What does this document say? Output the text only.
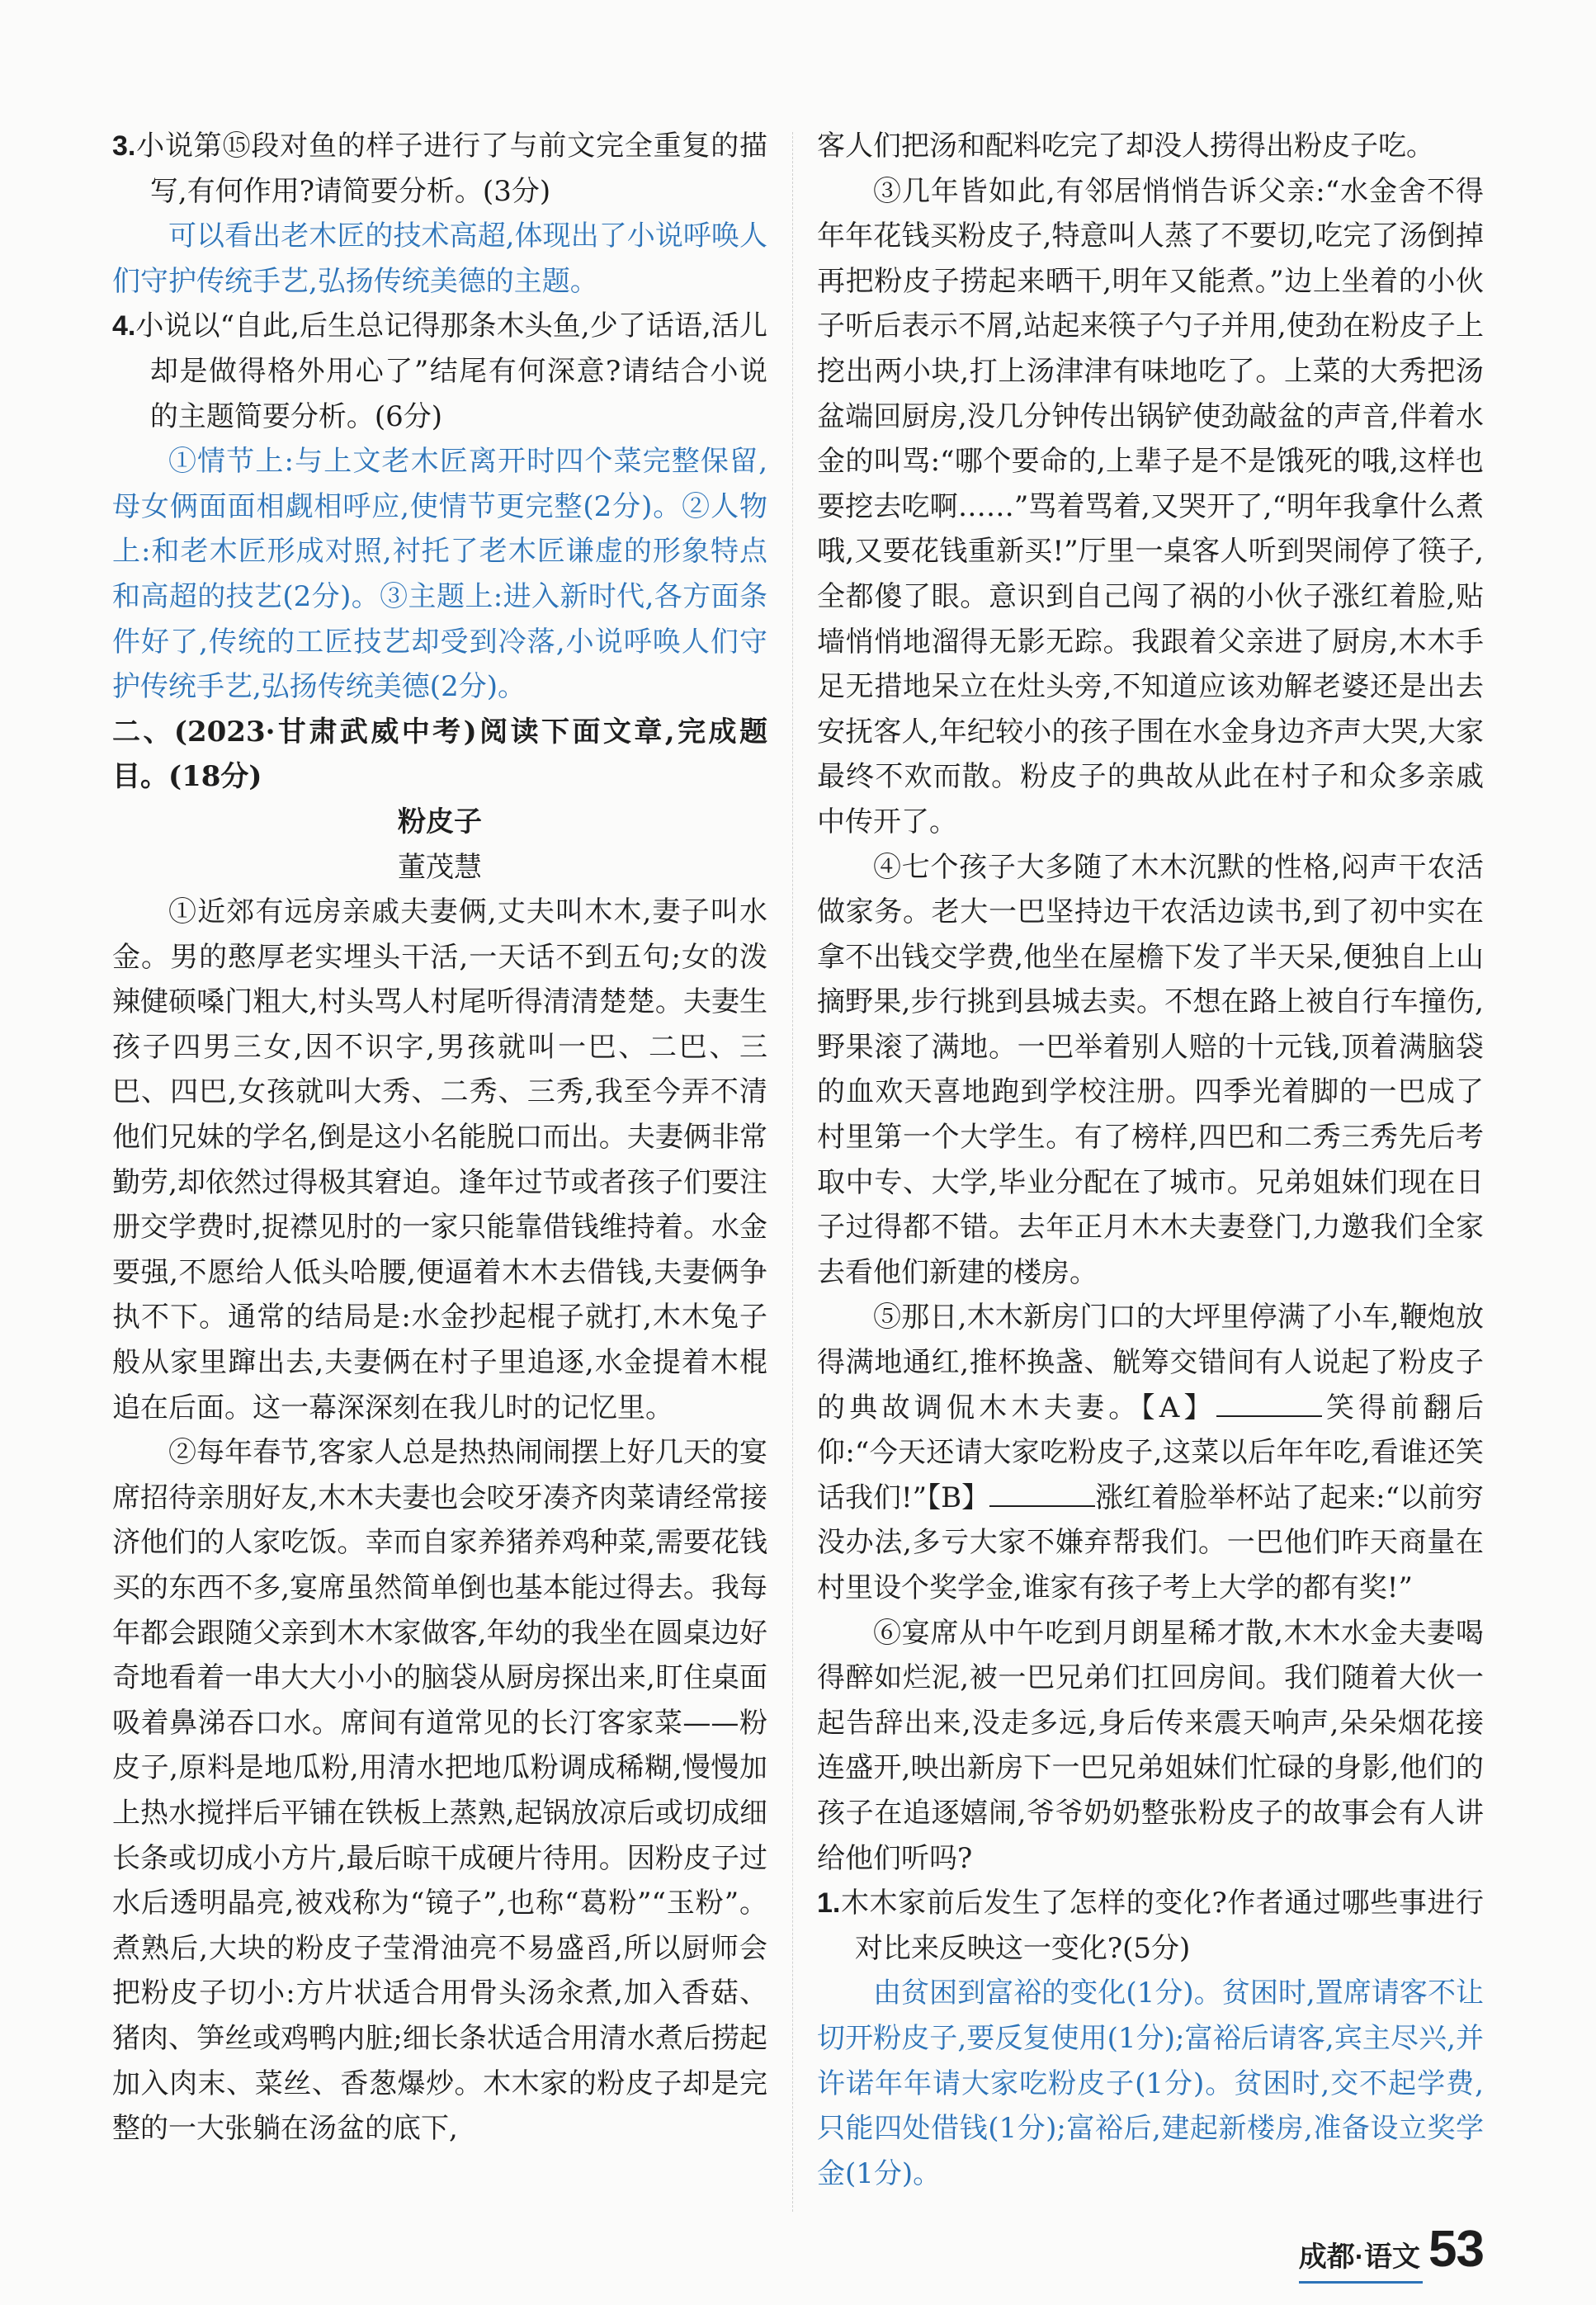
3.小说第⑮段对鱼的样子进行了与前文完全重复的描写,有何作用?请简要分析。(3分)

可以看出老木匠的技术高超,体现出了小说呼唤人们守护传统手艺,弘扬传统美德的主题。

4.小说以“自此,后生总记得那条木头鱼,少了话语,活儿却是做得格外用心了”结尾有何深意?请结合小说的主题简要分析。(6分)

①情节上:与上文老木匠离开时四个菜完整保留,母女俩面面相觑相呼应,使情节更完整(2分)。②人物上:和老木匠形成对照,衬托了老木匠谦虚的形象特点和高超的技艺(2分)。③主题上:进入新时代,各方面条件好了,传统的工匠技艺却受到冷落,小说呼唤人们守护传统手艺,弘扬传统美德(2分)。

二、(2023·甘肃武威中考)阅读下面文章,完成题目。(18分)

粉皮子

董茂慧

①近郊有远房亲戚夫妻俩,丈夫叫木木,妻子叫水金。男的憨厚老实埋头干活,一天话不到五句;女的泼辣健硕嗓门粗大,村头骂人村尾听得清清楚楚。夫妻生孩子四男三女,因不识字,男孩就叫一巴、二巴、三巴、四巴,女孩就叫大秀、二秀、三秀,我至今弄不清他们兄妹的学名,倒是这小名能脱口而出。夫妻俩非常勤劳,却依然过得极其窘迫。逢年过节或者孩子们要注册交学费时,捉襟见肘的一家只能靠借钱维持着。水金要强,不愿给人低头哈腰,便逼着木木去借钱,夫妻俩争执不下。通常的结局是:水金抄起棍子就打,木木兔子般从家里蹿出去,夫妻俩在村子里追逐,水金提着木棍追在后面。这一幕深深刻在我儿时的记忆里。

②每年春节,客家人总是热热闹闹摆上好几天的宴席招待亲朋好友,木木夫妻也会咬牙凑齐肉菜请经常接济他们的人家吃饭。幸而自家养猪养鸡种菜,需要花钱买的东西不多,宴席虽然简单倒也基本能过得去。我每年都会跟随父亲到木木家做客,年幼的我坐在圆桌边好奇地看着一串大大小小的脑袋从厨房探出来,盯住桌面吸着鼻涕吞口水。席间有道常见的长汀客家菜——粉皮子,原料是地瓜粉,用清水把地瓜粉调成稀糊,慢慢加上热水搅拌后平铺在铁板上蒸熟,起锅放凉后或切成细长条或切成小方片,最后晾干成硬片待用。因粉皮子过水后透明晶亮,被戏称为“镜子”,也称“葛粉”“玉粉”。煮熟后,大块的粉皮子莹滑油亮不易盛舀,所以厨师会把粉皮子切小:方片状适合用骨头汤汆煮,加入香菇、猪肉、笋丝或鸡鸭内脏;细长条状适合用清水煮后捞起加入肉末、菜丝、香葱爆炒。木木家的粉皮子却是完整的一大张躺在汤盆的底下,

客人们把汤和配料吃完了却没人捞得出粉皮子吃。

③几年皆如此,有邻居悄悄告诉父亲:“水金舍不得年年花钱买粉皮子,特意叫人蒸了不要切,吃完了汤倒掉再把粉皮子捞起来晒干,明年又能煮。”边上坐着的小伙子听后表示不屑,站起来筷子勺子并用,使劲在粉皮子上挖出两小块,打上汤津津有味地吃了。上菜的大秀把汤盆端回厨房,没几分钟传出锅铲使劲敲盆的声音,伴着水金的叫骂:“哪个要命的,上辈子是不是饿死的哦,这样也要挖去吃啊……”骂着骂着,又哭开了,“明年我拿什么煮哦,又要花钱重新买!”厅里一桌客人听到哭闹停了筷子,全都傻了眼。意识到自己闯了祸的小伙子涨红着脸,贴墙悄悄地溜得无影无踪。我跟着父亲进了厨房,木木手足无措地呆立在灶头旁,不知道应该劝解老婆还是出去安抚客人,年纪较小的孩子围在水金身边齐声大哭,大家最终不欢而散。粉皮子的典故从此在村子和众多亲戚中传开了。

④七个孩子大多随了木木沉默的性格,闷声干农活做家务。老大一巴坚持边干农活边读书,到了初中实在拿不出钱交学费,他坐在屋檐下发了半天呆,便独自上山摘野果,步行挑到县城去卖。不想在路上被自行车撞伤,野果滚了满地。一巴举着别人赔的十元钱,顶着满脑袋的血欢天喜地跑到学校注册。四季光着脚的一巴成了村里第一个大学生。有了榜样,四巴和二秀三秀先后考取中专、大学,毕业分配在了城市。兄弟姐妹们现在日子过得都不错。去年正月木木夫妻登门,力邀我们全家去看他们新建的楼房。

⑤那日,木木新房门口的大坪里停满了小车,鞭炮放得满地通红,推杯换盏、觥筹交错间有人说起了粉皮子的典故调侃木木夫妻。【A】	笑得前翻后仰:“今天还请大家吃粉皮子,这菜以后年年吃,看谁还笑话我们!”【B】	涨红着脸举杯站了起来:“以前穷没办法,多亏大家不嫌弃帮我们。一巴他们昨天商量在村里设个奖学金,谁家有孩子考上大学的都有奖!”

⑥宴席从中午吃到月朗星稀才散,木木水金夫妻喝得醉如烂泥,被一巴兄弟们扛回房间。我们随着大伙一起告辞出来,没走多远,身后传来震天响声,朵朵烟花接连盛开,映出新房下一巴兄弟姐妹们忙碌的身影,他们的孩子在追逐嬉闹,爷爷奶奶整张粉皮子的故事会有人讲给他们听吗?

1.木木家前后发生了怎样的变化?作者通过哪些事进行对比来反映这一变化?(5分)

由贫困到富裕的变化(1分)。贫困时,置席请客不让切开粉皮子,要反复使用(1分);富裕后请客,宾主尽兴,并许诺年年请大家吃粉皮子(1分)。贫困时,交不起学费,只能四处借钱(1分);富裕后,建起新楼房,准备设立奖学金(1分)。

成都·语文 53
